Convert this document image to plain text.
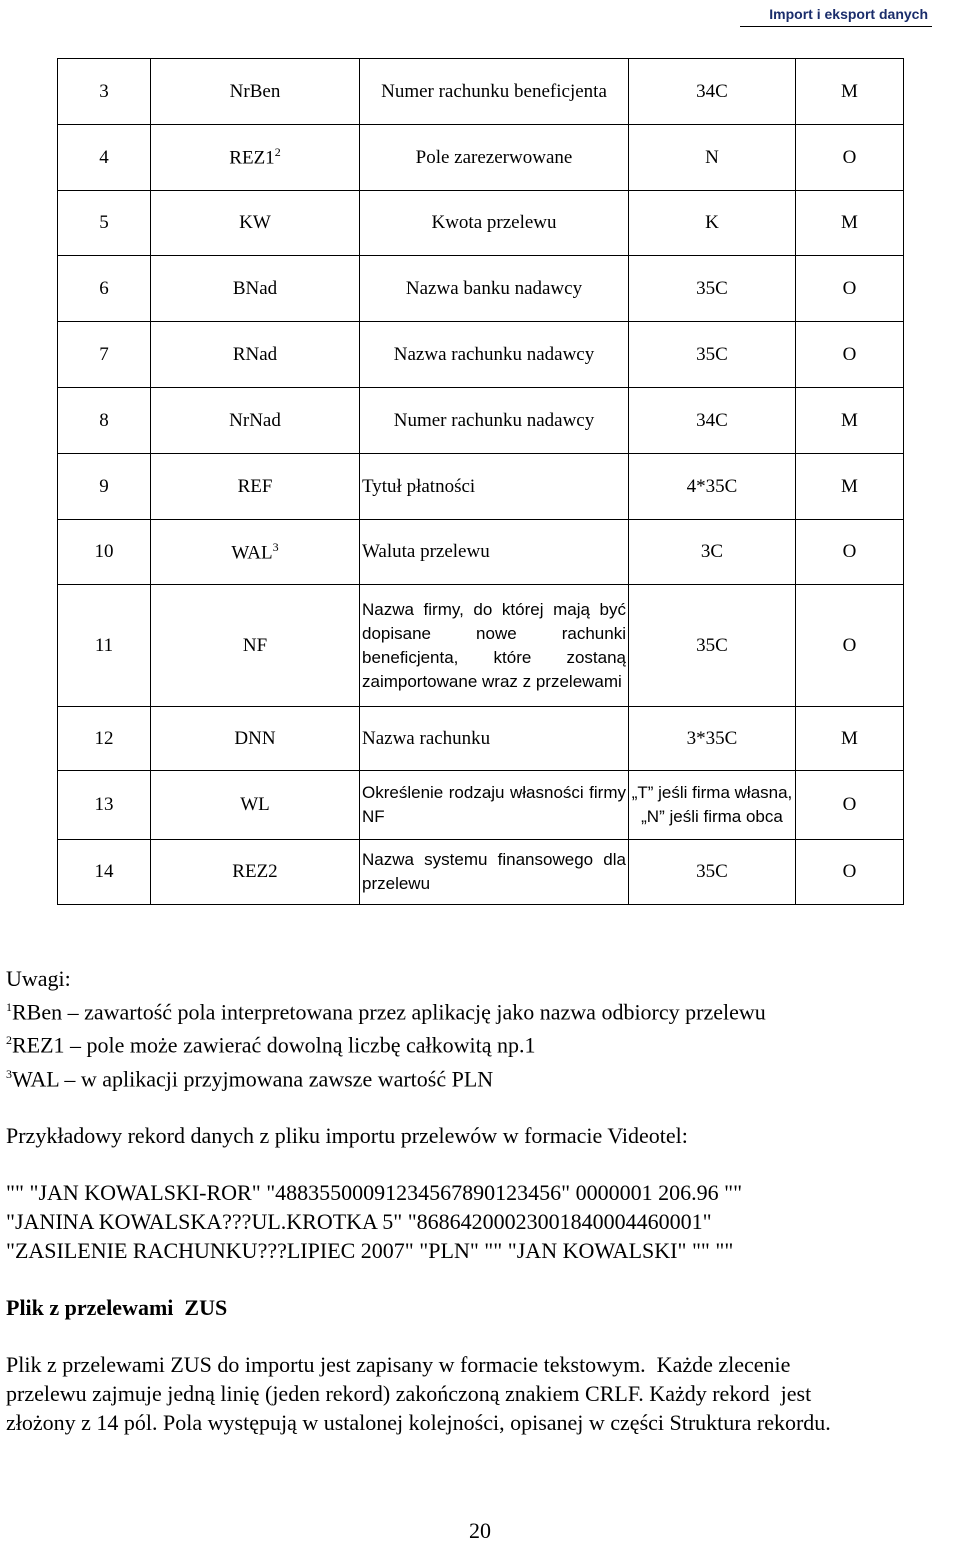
Import i eksport danych
3	NrBen	Numer rachunku beneficjenta	34C	M
4	$REZ1^2$	Pole zarezerwowane	N	O
5	KW	Kwota przelewu	K	M
6	BNad	Nazwa banku nadawcy	35C	O
7	RNad	Nazwa rachunku nadawcy	35C	O
8	NrNad	Numer rachunku nadawcy	34C	M
9	REF	Tytuł płatności	4*35C	M
10	WAL$^3$	Waluta przelewu	3C	O
11	NF	Nazwa firmy, do której mają być dopisane nowe rachunki beneficjenta, które zostaną zaimportowane wraz z przelewami	35C	O
12	DNN	Nazwa rachunku	3*35C	M
13	WL	Określenie rodzaju własności firmy NF	„T” jeśli firma własna, „N” jeśli firma obca	O
14	REZ2	Nazwa systemu finansowego dla przelewu	35C	O

Uwagi:

$^1$RBen – zawartość pola interpretowana przez aplikację jako nazwa odbiorcy przelewu

$^2$REZ1 – pole może zawierać dowolną liczbę całkowitą np.1

$^3$WAL – w aplikacji przyjmowana zawsze wartość PLN

Przykładowy rekord danych z pliku importu przelewów w formacie Videotel:

"" "JAN KOWALSKI-ROR" "48835500091234567890123456" 0000001 206.96 ""

"JANINA KOWALSKA???UL.KROTKA 5" "86864200023001840004460001"

"ZASILENIE RACHUNKU???LIPIEC 2007" "PLN" "" "JAN KOWALSKI" "" ""

Plik z przelewami  ZUS

Plik z przelewami ZUS do importu jest zapisany w formacie tekstowym.  Każde zlecenie

przelewu zajmuje jedną linię (jeden rekord) zakończoną znakiem CRLF. Każdy rekord  jest

złożony z 14 pól. Pola występują w ustalonej kolejności, opisanej w części Struktura rekordu.

20
